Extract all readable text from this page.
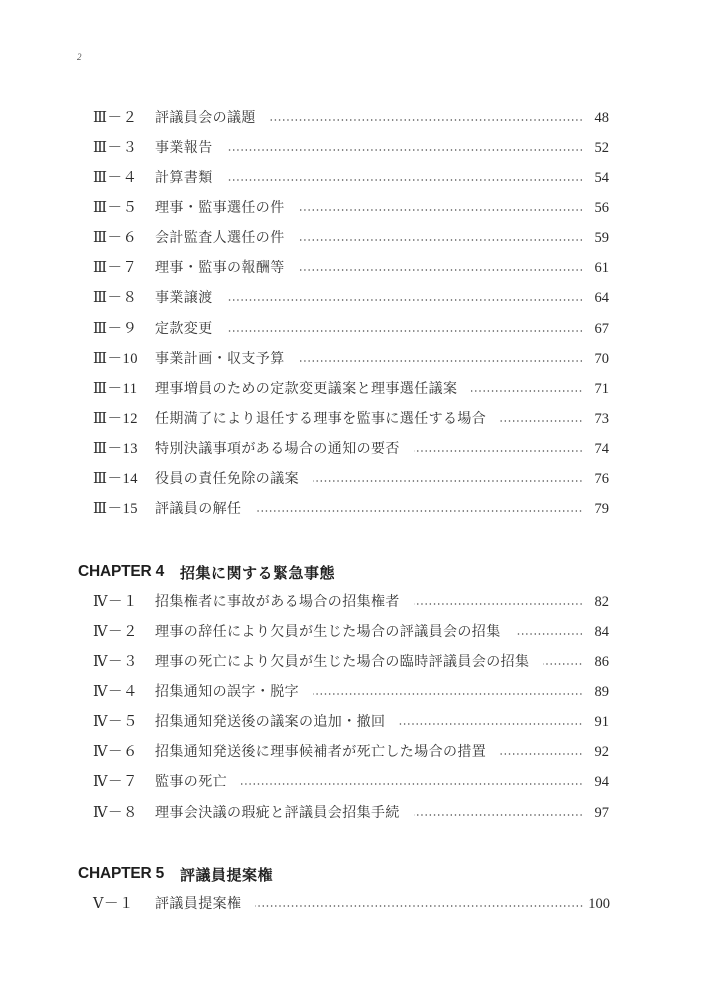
2
Ⅲ－２	評議員会の議題	48
Ⅲ－３	事業報告	52
Ⅲ－４	計算書類	54
Ⅲ－５	理事・監事選任の件	56
Ⅲ－６	会計監査人選任の件	59
Ⅲ－７	理事・監事の報酬等	61
Ⅲ－８	事業譲渡	64
Ⅲ－９	定款変更	67
Ⅲ－10	事業計画・収支予算	70
Ⅲ－11	理事増員のための定款変更議案と理事選任議案	71
Ⅲ－12	任期満了により退任する理事を監事に選任する場合	73
Ⅲ－13	特別決議事項がある場合の通知の要否	74
Ⅲ－14	役員の責任免除の議案	76
Ⅲ－15	評議員の解任	79
CHAPTER 4 招集に関する緊急事態
Ⅳ－１	招集権者に事故がある場合の招集権者	82
Ⅳ－２	理事の辞任により欠員が生じた場合の評議員会の招集	84
Ⅳ－３	理事の死亡により欠員が生じた場合の臨時評議員会の招集	86
Ⅳ－４	招集通知の誤字・脱字	89
Ⅳ－５	招集通知発送後の議案の追加・撤回	91
Ⅳ－６	招集通知発送後に理事候補者が死亡した場合の措置	92
Ⅳ－７	監事の死亡	94
Ⅳ－８	理事会決議の瑕疵と評議員会招集手続	97
CHAPTER 5 評議員提案権
Ⅴ－１	評議員提案権	100
